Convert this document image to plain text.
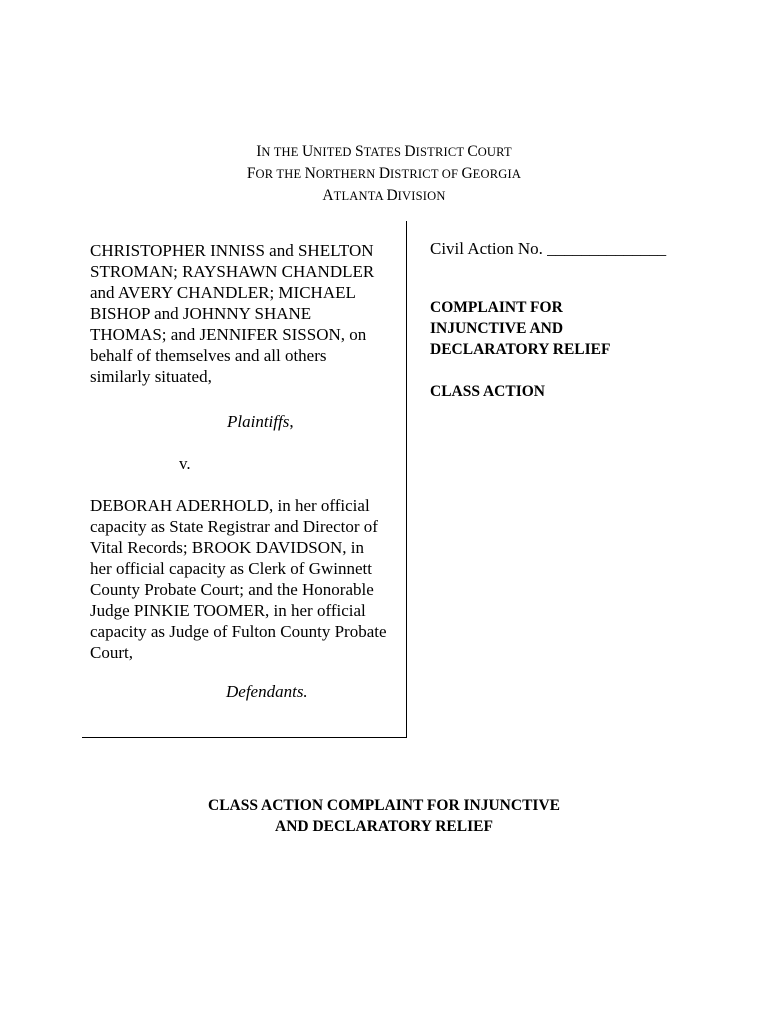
IN THE UNITED STATES DISTRICT COURT
FOR THE NORTHERN DISTRICT OF GEORGIA
ATLANTA DIVISION

CHRISTOPHER INNISS and SHELTON
STROMAN; RAYSHAWN CHANDLER
and AVERY CHANDLER; MICHAEL
BISHOP and JOHNNY SHANE
THOMAS; and JENNIFER SISSON, on
behalf of themselves and all others
similarly situated,

Plaintiffs,
v.

DEBORAH ADERHOLD, in her official
capacity as State Registrar and Director of
Vital Records; BROOK DAVIDSON, in
her official capacity as Clerk of Gwinnett
County Probate Court; and the Honorable
Judge PINKIE TOOMER, in her official
capacity as Judge of Fulton County Probate
Court,

Defendants.
Civil Action No. ______________
COMPLAINT FOR
INJUNCTIVE AND
DECLARATORY RELIEF
CLASS ACTION
CLASS ACTION COMPLAINT FOR INJUNCTIVE
AND DECLARATORY RELIEF
